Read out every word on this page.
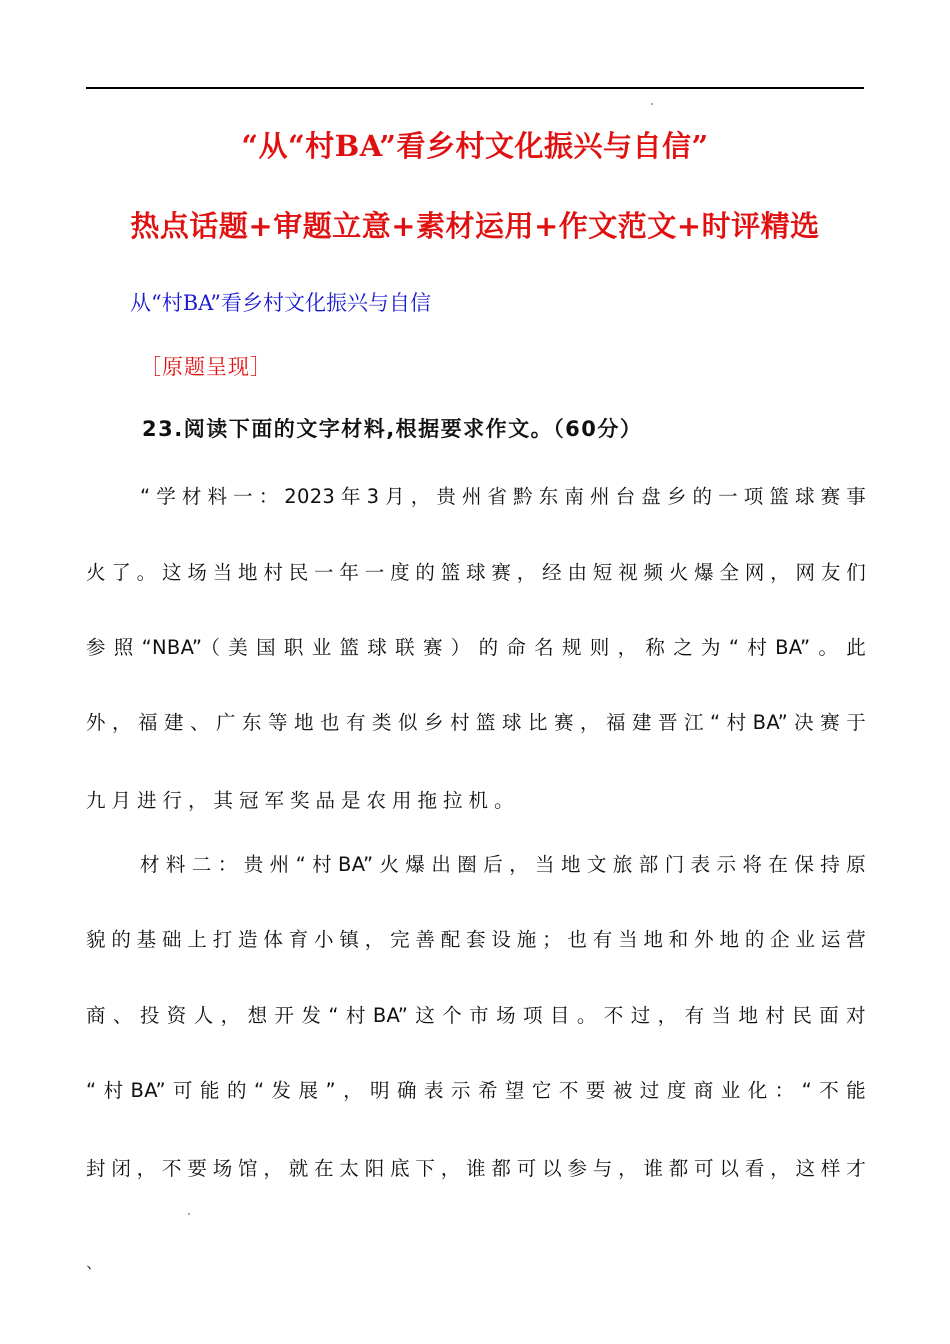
“从“村BA”看乡村文化振兴与自信”
热点话题+审题立意+素材运用+作文范文+时评精选
从“村BA”看乡村文化振兴与自信
［原题呈现］
23.阅读下面的文字材料,根据要求作文。（60分）
“学材料一：2023年3月，贵州省黔东南州台盘乡的一项篮球赛事
火了。这场当地村民一年一度的篮球赛，经由短视频火爆全网，网友们
参照“NBA”（美国职业篮球联赛）的命名规则，称之为“村BA”。此
外，福建、广东等地也有类似乡村篮球比赛，福建晋江“村BA”决赛于
九月进行，其冠军奖品是农用拖拉机。
材料二：贵州“村BA”火爆出圈后，当地文旅部门表示将在保持原
貌的基础上打造体育小镇，完善配套设施；也有当地和外地的企业运营
商、投资人，想开发“村BA”这个市场项目。不过，有当地村民面对
“村BA”可能的“发展”，明确表示希望它不要被过度商业化：“不能
封闭，不要场馆，就在太阳底下，谁都可以参与，谁都可以看，这样才
、
